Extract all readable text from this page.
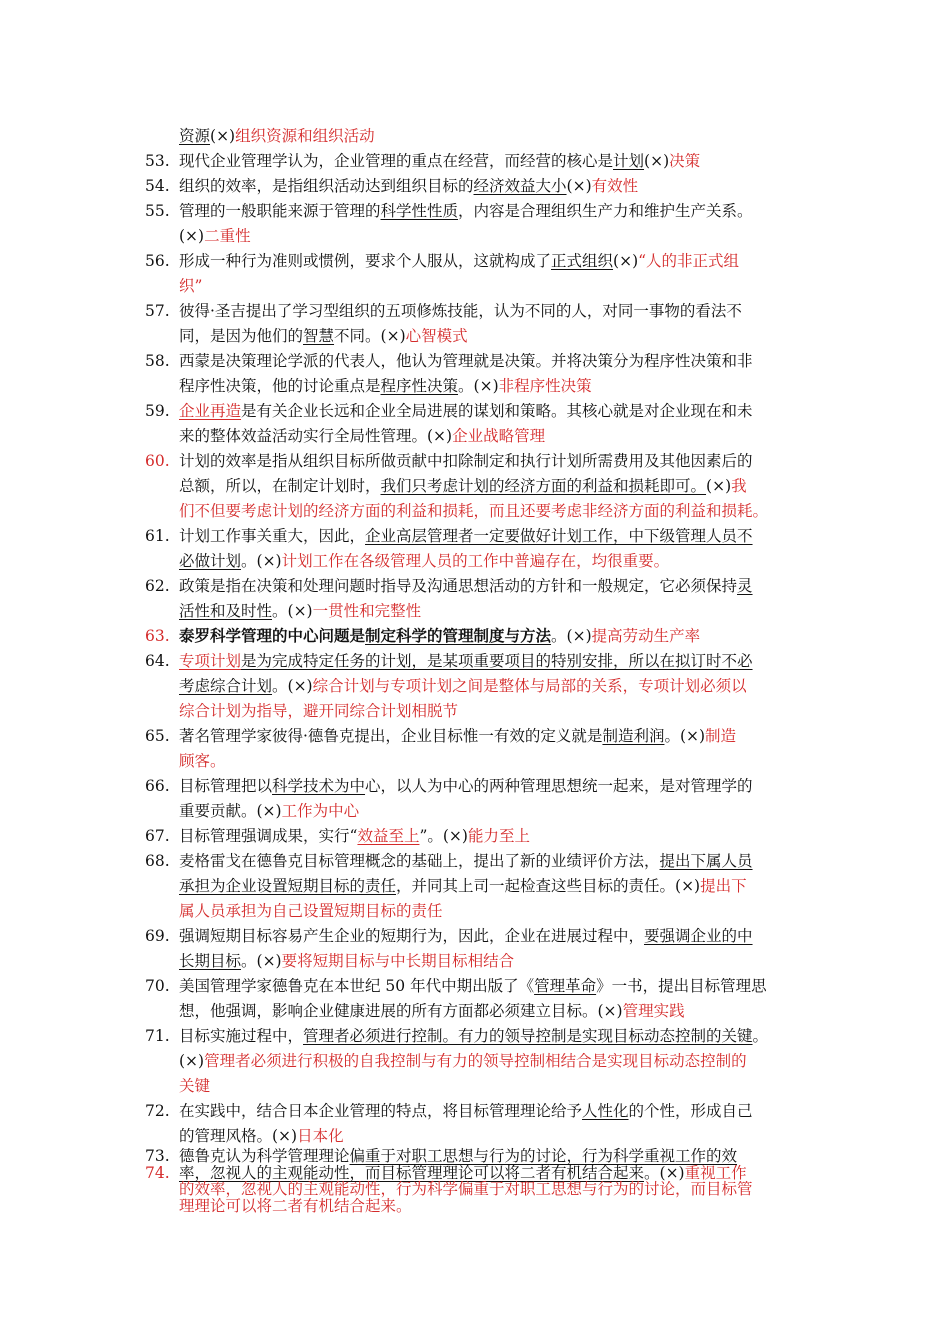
资源(×)组织资源和组织活动
53. 现代企业管理学认为，企业管理的重点在经营，而经营的核心是计划(×)决策
54. 组织的效率，是指组织活动达到组织目标的经济效益大小(×)有效性
55. 管理的一般职能来源于管理的科学性性质，内容是合理组织生产力和维护生产关系。
(×)二重性
56. 形成一种行为准则或惯例，要求个人服从，这就构成了正式组织(×)“人的非正式组
织”
57. 彼得·圣吉提出了学习型组织的五项修炼技能，认为不同的人，对同一事物的看法不
同，是因为他们的智慧不同。(×)心智模式
58. 西蒙是决策理论学派的代表人，他认为管理就是决策。并将决策分为程序性决策和非
程序性决策，他的讨论重点是程序性决策。(×)非程序性决策
59. 企业再造是有关企业长远和企业全局进展的谋划和策略。其核心就是对企业现在和未
来的整体效益活动实行全局性管理。(×)企业战略管理
60. 计划的效率是指从组织目标所做贡献中扣除制定和执行计划所需费用及其他因素后的
总额，所以，在制定计划时，我们只考虑计划的经济方面的利益和损耗即可。(×)我
们不但要考虑计划的经济方面的利益和损耗，而且还要考虑非经济方面的利益和损耗。
61. 计划工作事关重大，因此，企业高层管理者一定要做好计划工作，中下级管理人员不
必做计划。(×)计划工作在各级管理人员的工作中普遍存在，均很重要。
62. 政策是指在决策和处理问题时指导及沟通思想活动的方针和一般规定，它必须保持灵
活性和及时性。(×)一贯性和完整性
63. 泰罗科学管理的中心问题是制定科学的管理制度与方法。(×)提高劳动生产率
64. 专项计划是为完成特定任务的计划，是某项重要项目的特别安排，所以在拟订时不必
考虑综合计划。(×)综合计划与专项计划之间是整体与局部的关系，专项计划必须以
综合计划为指导，避开同综合计划相脱节
65. 著名管理学家彼得·德鲁克提出，企业目标惟一有效的定义就是制造利润。(×)制造
顾客。
66. 目标管理把以科学技术为中心，以人为中心的两种管理思想统一起来，是对管理学的
重要贡献。(×)工作为中心
67. 目标管理强调成果，实行“效益至上”。(×)能力至上
68. 麦格雷戈在德鲁克目标管理概念的基础上，提出了新的业绩评价方法，提出下属人员
承担为企业设置短期目标的责任，并同其上司一起检查这些目标的责任。(×)提出下
属人员承担为自己设置短期目标的责任
69. 强调短期目标容易产生企业的短期行为，因此，企业在进展过程中，要强调企业的中
长期目标。(×)要将短期目标与中长期目标相结合
70. 美国管理学家德鲁克在本世纪 50 年代中期出版了《管理革命》一书，提出目标管理思
想，他强调，影响企业健康进展的所有方面都必须建立目标。(×)管理实践
71. 目标实施过程中，管理者必须进行控制。有力的领导控制是实现目标动态控制的关键。
(×)管理者必须进行积极的自我控制与有力的领导控制相结合是实现目标动态控制的
关键
72. 在实践中，结合日本企业管理的特点，将目标管理理论给予人性化的个性，形成自己
的管理风格。(×)日本化
73. 德鲁克认为科学管理理论偏重于对职工思想与行为的讨论，行为科学重视工作的效
74. 率，忽视人的主观能动性，而目标管理理论可以将二者有机结合起来。(×)重视工作
的效率，忽视人的主观能动性，行为科学偏重于对职工思想与行为的讨论，而目标管
理理论可以将二者有机结合起来。
